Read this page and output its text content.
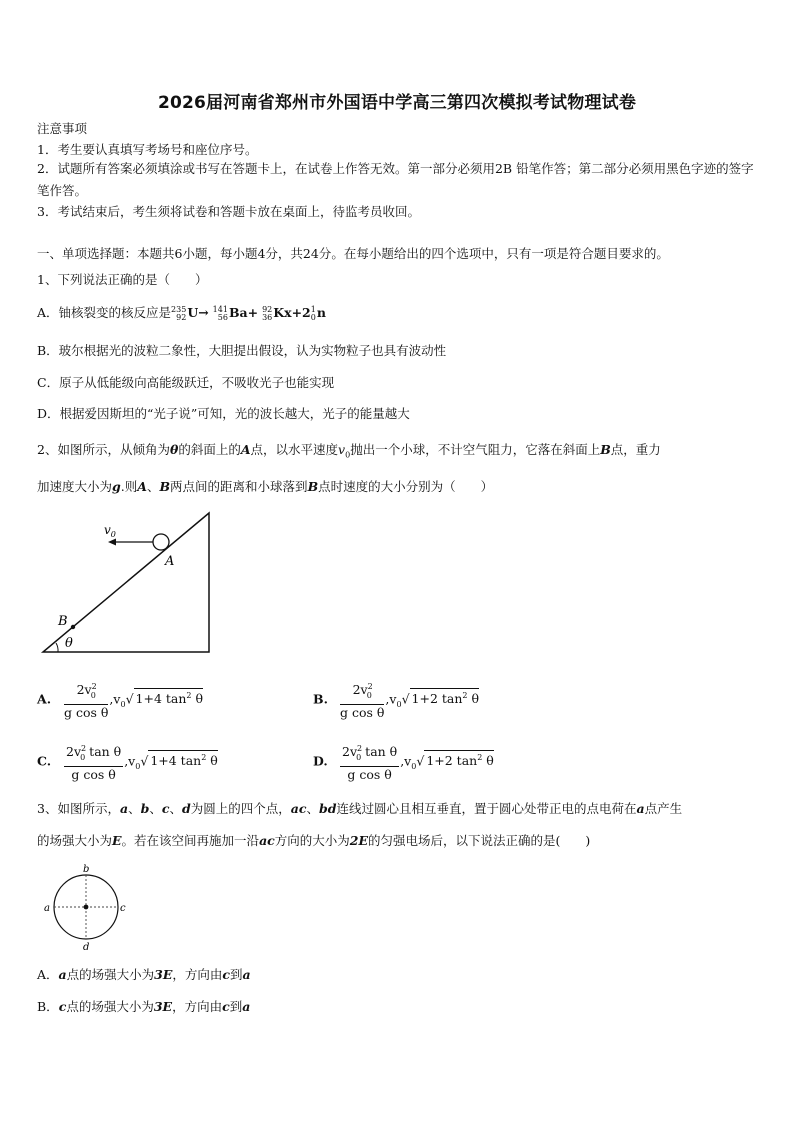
2026届河南省郑州市外国语中学高三第四次模拟考试物理试卷
注意事项
1．考生要认真填写考场号和座位序号。
2．试题所有答案必须填涂或书写在答题卡上，在试卷上作答无效。第一部分必须用2B 铅笔作答；第二部分必须用黑色字迹的签字笔作答。
3．考试结束后，考生须将试卷和答题卡放在桌面上，待监考员收回。
一、单项选择题：本题共6小题，每小题4分，共24分。在每小题给出的四个选项中，只有一项是符合题目要求的。
1、下列说法正确的是（　　）
A．铀核裂变的核反应是 235
92 U→ 141
56 Ba+ 92
36 Kx+2 1
0 n
B．玻尔根据光的波粒二象性，大胆提出假设，认为实物粒子也具有波动性
C．原子从低能级向高能级跃迁，不吸收光子也能实现
D．根据爱因斯坦的“光子说”可知，光的波长越大，光子的能量越大
2、如图所示，从倾角为θ的斜面上的A点，以水平速度$v_0$抛出一个小球，不计空气阻力，它落在斜面上B点，重力
加速度大小为g.则A、B两点间的距离和小球落到B点时速度的大小分别为（　　）
$v_0$
A
B
θ
A. $\frac{2v^2_0}{\text{g cos θ}} ,v_0√$ 1+4 $\tan^2 \theta$	B. $\frac{2v^2_0}{\text{g cos θ}} ,v_0√$ 1+2 $\tan^2 \theta$
C. $\frac{2v^2_0 \tan \theta}{\text{g cos θ}} ,v_0√$ 1+4 $\tan^2 \theta$	D. $\frac{2v^2_0 \tan \theta}{\text{g cos θ}} ,v_0√$ 1+2 $\tan^2 \theta$
3、如图所示，a、b、c、d为圆上的四个点，ac、bd连线过圆心且相互垂直，置于圆心处带正电的点电荷在a点产生
的场强大小为E。若在该空间再施加一沿ac方向的大小为2E的匀强电场后，以下说法正确的是(　　)
a	c
b
d
A．a点的场强大小为3E，方向由c到a
B．c点的场强大小为3E，方向由c到a
